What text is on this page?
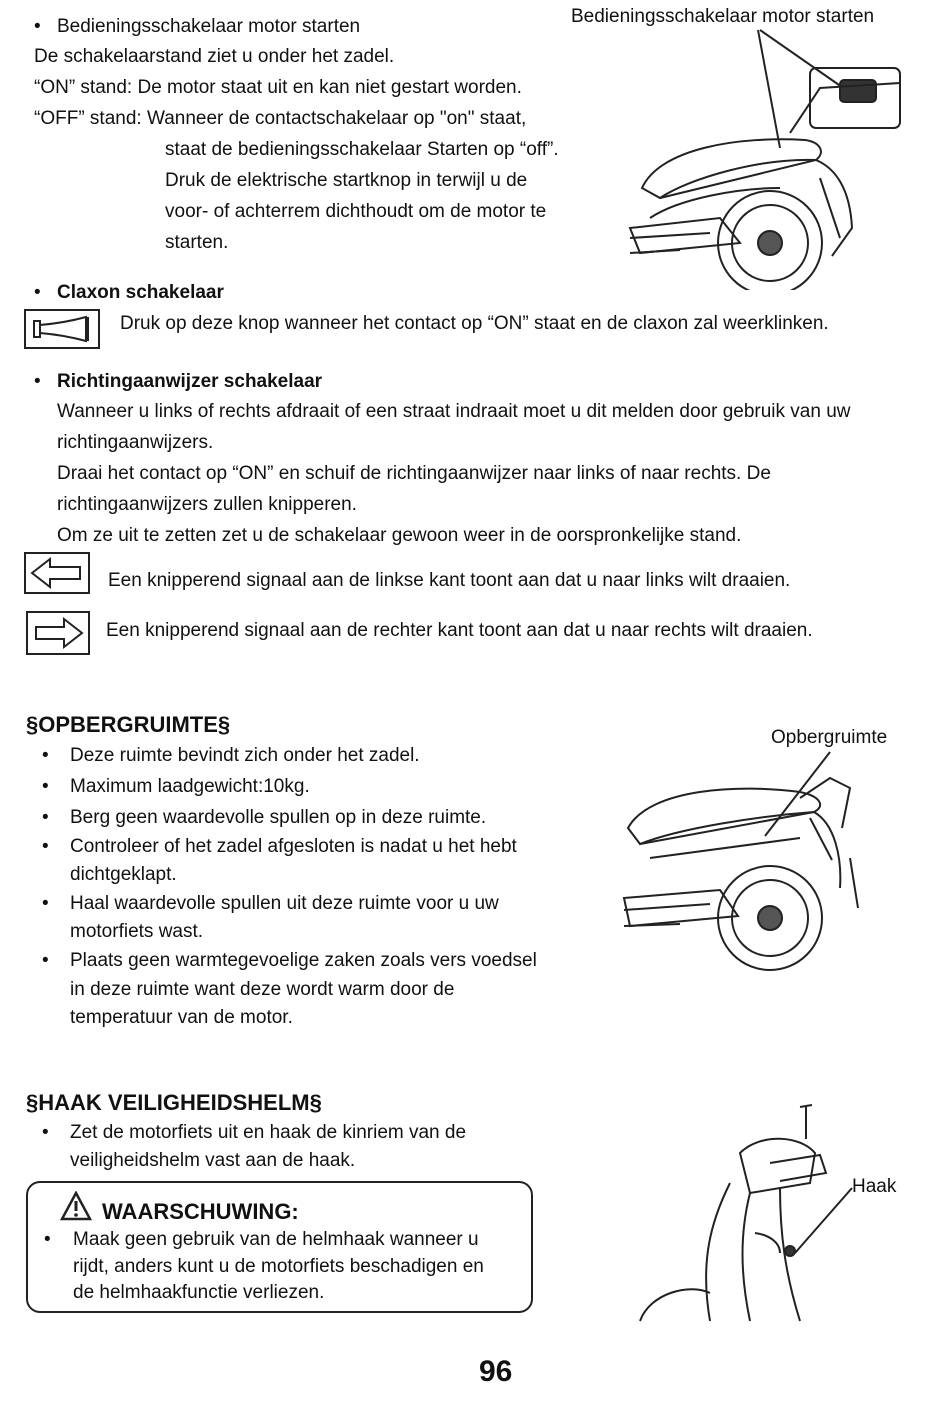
• Bedieningsschakelaar motor starten
De schakelaarstand ziet u onder het zadel.
“ON” stand: De motor staat uit en kan niet gestart worden.
“OFF” stand: Wanneer de contactschakelaar op "on" staat,
staat de bedieningsschakelaar Starten op “off”.
Druk de elektrische startknop in terwijl u de
voor- of achterrem dichthoudt om de motor te
starten.
Bedieningsschakelaar motor starten
• Claxon schakelaar
Druk op deze knop wanneer het contact op “ON” staat en de claxon zal weerklinken.
• Richtingaanwijzer schakelaar
Wanneer u links of rechts afdraait of een straat indraait moet u dit melden door gebruik van uw
richtingaanwijzers.
Draai het contact op “ON” en schuif de richtingaanwijzer naar links of naar rechts. De
richtingaanwijzers zullen knipperen.
Om ze uit te zetten zet u de schakelaar gewoon weer in de oorspronkelijke stand.
Een knipperend signaal aan de linkse kant toont aan dat u naar links wilt draaien.
Een knipperend signaal aan de rechter kant toont aan dat u naar rechts wilt draaien.
§OPBERGRUIMTE§
• Deze ruimte bevindt zich onder het zadel.
• Maximum laadgewicht:10kg.
• Berg geen waardevolle spullen op in deze ruimte.
• Controleer of het zadel afgesloten is nadat u het hebt
dichtgeklapt.
• Haal waardevolle spullen uit deze ruimte voor u uw
motorfiets wast.
• Plaats geen warmtegevoelige zaken zoals vers voedsel
in deze ruimte want deze wordt warm door de
temperatuur van de motor.
Opbergruimte
§HAAK VEILIGHEIDSHELM§
• Zet de motorfiets uit en haak de kinriem van de
veiligheidshelm vast aan de haak.
WAARSCHUWING:
• Maak geen gebruik van de helmhaak wanneer u
rijdt, anders kunt u de motorfiets beschadigen en
de helmhaakfunctie verliezen.
Haak
96
